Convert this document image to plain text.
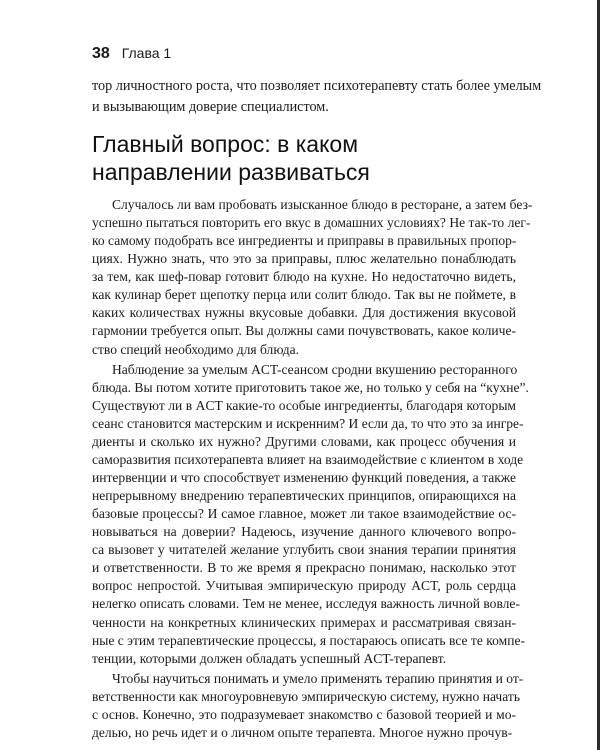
38 Глава 1
Главный вопрос: в каком
направлении развиваться
Случалось ли вам пробовать изысканное блюдо в ресторане, а затем без-
успешно пытаться повторить его вкус в домашних условиях? Не так-то лег-
ко самому подобрать все ингредиенты и приправы в правильных пропор-
циях. Нужно знать, что это за приправы, плюс желательно понаблюдать
за тем, как шеф-повар готовит блюдо на кухне. Но недостаточно видеть,
как кулинар берет щепотку перца или солит блюдо. Так вы не поймете, в
каких количествах нужны вкусовые добавки. Для достижения вкусовой
гармонии требуется опыт. Вы должны сами почувствовать, какое количе-
ство специй необходимо для блюда.
Наблюдение за умелым ACT-сеансом сродни вкушению ресторанного
блюда. Вы потом хотите приготовить такое же, но только у себя на “кухне”.
Существуют ли в ACT какие-то особые ингредиенты, благодаря которым
сеанс становится мастерским и искренним? И если да, то что это за ингре-
диенты и сколько их нужно? Другими словами, как процесс обучения и
саморазвития психотерапевта влияет на взаимодействие с клиентом в ходе
интервенции и что способствует изменению функций поведения, а также
непрерывному внедрению терапевтических принципов, опирающихся на
базовые процессы? И самое главное, может ли такое взаимодействие ос-
новываться на доверии? Надеюсь, изучение данного ключевого вопро-
са вызовет у читателей желание углубить свои знания терапии принятия
и ответственности. В то же время я прекрасно понимаю, насколько этот
вопрос непростой. Учитывая эмпирическую природу ACT, роль сердца
нелегко описать словами. Тем не менее, исследуя важность личной вовле-
ченности на конкретных клинических примерах и рассматривая связан-
ные с этим терапевтические процессы, я постараюсь описать все те компе-
тенции, которыми должен обладать успешный ACT-терапевт.
Чтобы научиться понимать и умело применять терапию принятия и от-
ветственности как многоуровневую эмпирическую систему, нужно начать
с основ. Конечно, это подразумевает знакомство с базовой теорией и мо-
делью, но речь идет и о личном опыте терапевта. Многое нужно прочув-
тор личностного роста, что позволяет психотерапевту стать более умелым
и вызывающим доверие специалистом.
